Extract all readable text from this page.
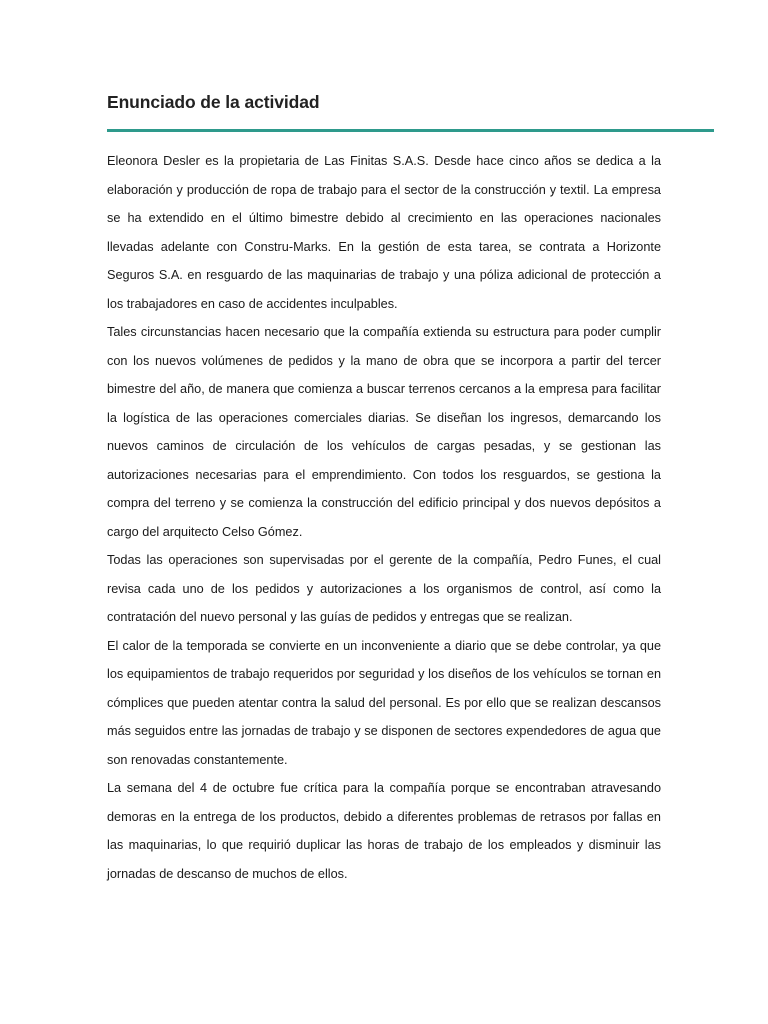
Enunciado de la actividad

Eleonora Desler es la propietaria de Las Finitas S.A.S. Desde hace cinco años se dedica a la elaboración y producción de ropa de trabajo para el sector de la construcción y textil. La empresa se ha extendido en el último bimestre debido al crecimiento en las operaciones nacionales llevadas adelante con Constru-Marks. En la gestión de esta tarea, se contrata a Horizonte Seguros S.A. en resguardo de las maquinarias de trabajo y una póliza adicional de protección a los trabajadores en caso de accidentes inculpables.

Tales circunstancias hacen necesario que la compañía extienda su estructura para poder cumplir con los nuevos volúmenes de pedidos y la mano de obra que se incorpora a partir del tercer bimestre del año, de manera que comienza a buscar terrenos cercanos a la empresa para facilitar la logística de las operaciones comerciales diarias. Se diseñan los ingresos, demarcando los nuevos caminos de circulación de los vehículos de cargas pesadas, y se gestionan las autorizaciones necesarias para el emprendimiento. Con todos los resguardos, se gestiona la compra del terreno y se comienza la construcción del edificio principal y dos nuevos depósitos a cargo del arquitecto Celso Gómez.

Todas las operaciones son supervisadas por el gerente de la compañía, Pedro Funes, el cual revisa cada uno de los pedidos y autorizaciones a los organismos de control, así como la contratación del nuevo personal y las guías de pedidos y entregas que se realizan.

El calor de la temporada se convierte en un inconveniente a diario que se debe controlar, ya que los equipamientos de trabajo requeridos por seguridad y los diseños de los vehículos se tornan en cómplices que pueden atentar contra la salud del personal. Es por ello que se realizan descansos más seguidos entre las jornadas de trabajo y se disponen de sectores expendedores de agua que son renovadas constantemente.

La semana del 4 de octubre fue crítica para la compañía porque se encontraban atravesando demoras en la entrega de los productos, debido a diferentes problemas de retrasos por fallas en las maquinarias, lo que requirió duplicar las horas de trabajo de los empleados y disminuir las jornadas de descanso de muchos de ellos.
